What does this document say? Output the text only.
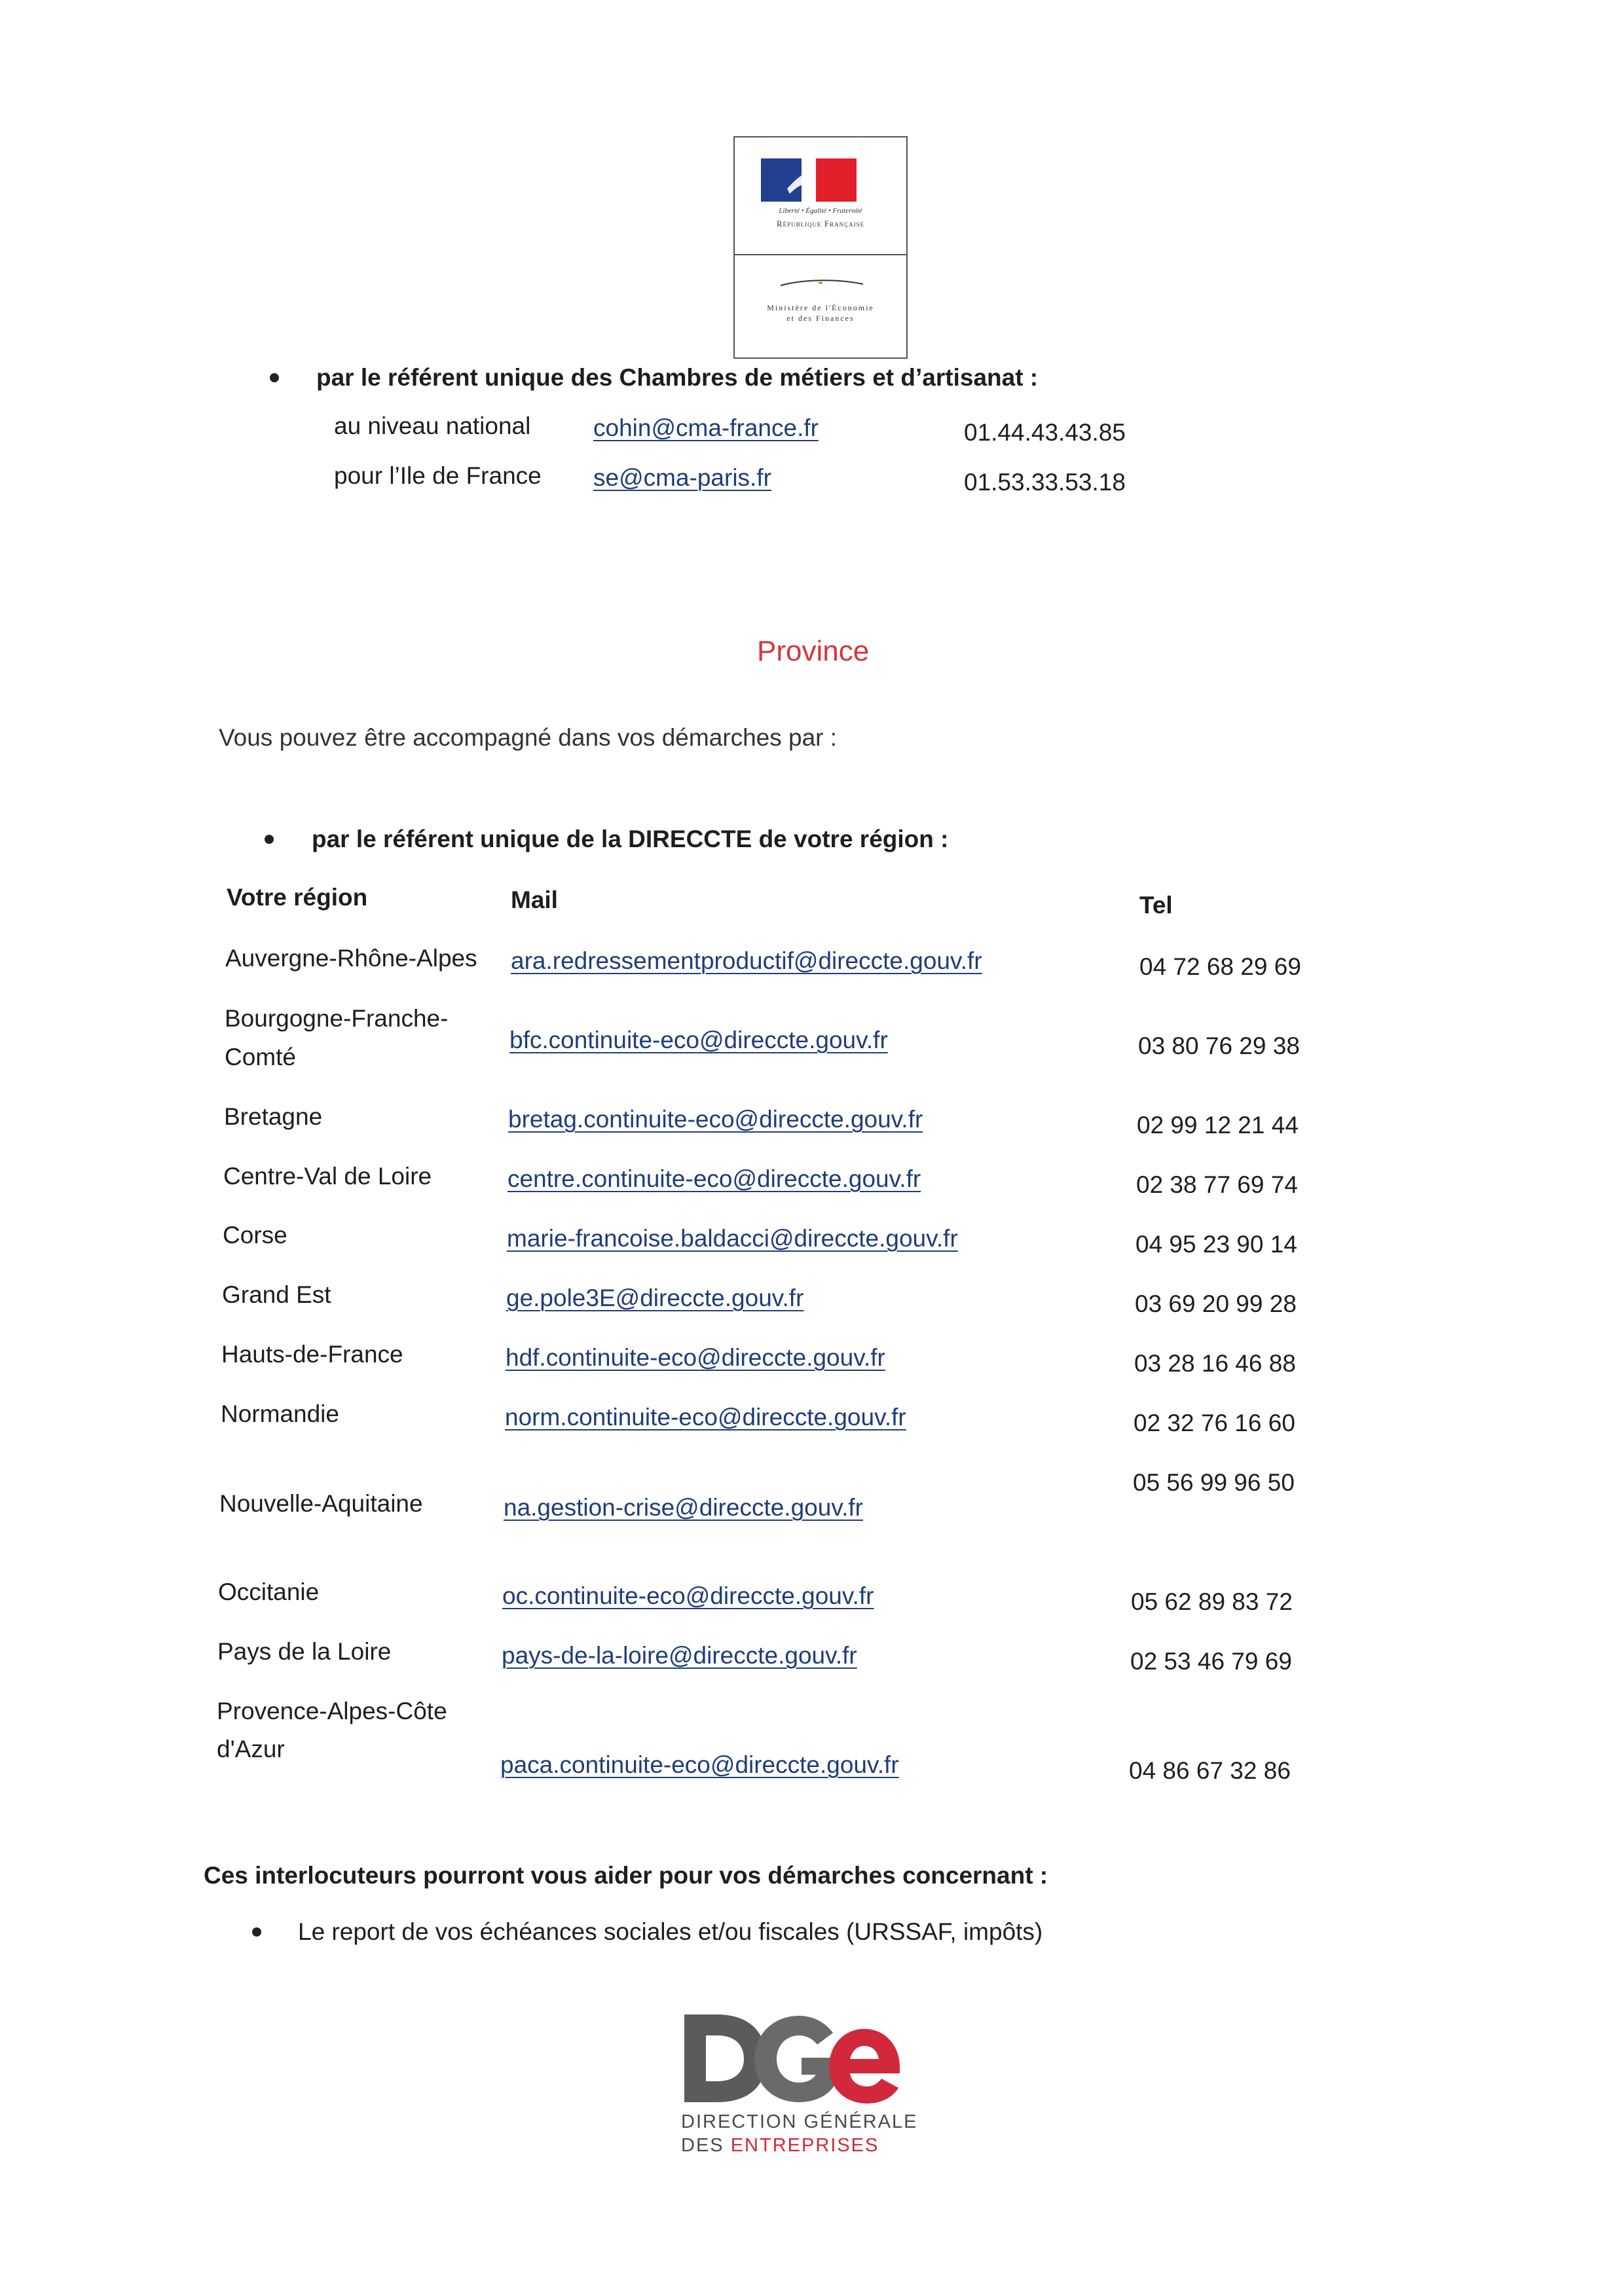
Liberté • Égalité • Fraternité
République Française
Ministère de l'Économie
et des Finances
par le référent unique des Chambres de métiers et d’artisanat :
au niveau national	cohin@cma-france.fr	01.44.43.43.85
pour l’Ile de France se@cma-paris.fr	01.53.33.53.18
Province
Vous pouvez être accompagné dans vos démarches par :
par le référent unique de la DIRECCTE de votre région :
Votre région	Mail	Tel
Auvergne-Rhône-Alpes ara.redressementproductif@direccte.gouv.fr	04 72 68 29 69
Bourgogne-Franche-
Comté
bfc.continuite-eco@direccte.gouv.fr	03 80 76 29 38
Bretagne	bretag.continuite-eco@direccte.gouv.fr	02 99 12 21 44
Centre-Val de Loire	centre.continuite-eco@direccte.gouv.fr	02 38 77 69 74
Corse	marie-francoise.baldacci@direccte.gouv.fr	04 95 23 90 14
Grand Est	ge.pole3E@direccte.gouv.fr	03 69 20 99 28
Hauts-de-France	hdf.continuite-eco@direccte.gouv.fr	03 28 16 46 88
Normandie	norm.continuite-eco@direccte.gouv.fr	02 32 76 16 60
Nouvelle-Aquitaine	na.gestion-crise@direccte.gouv.fr
05 56 99 96 50
Occitanie	oc.continuite-eco@direccte.gouv.fr	05 62 89 83 72
Pays de la Loire	pays-de-la-loire@direccte.gouv.fr	02 53 46 79 69
Provence-Alpes-Côte
d'Azur
paca.continuite-eco@direccte.gouv.fr	04 86 67 32 86
Ces interlocuteurs pourront vous aider pour vos démarches concernant :
Le report de vos échéances sociales et/ou fiscales (URSSAF, impôts)
DIRECTION GÉNÉRALE
DES ENTREPRISES
